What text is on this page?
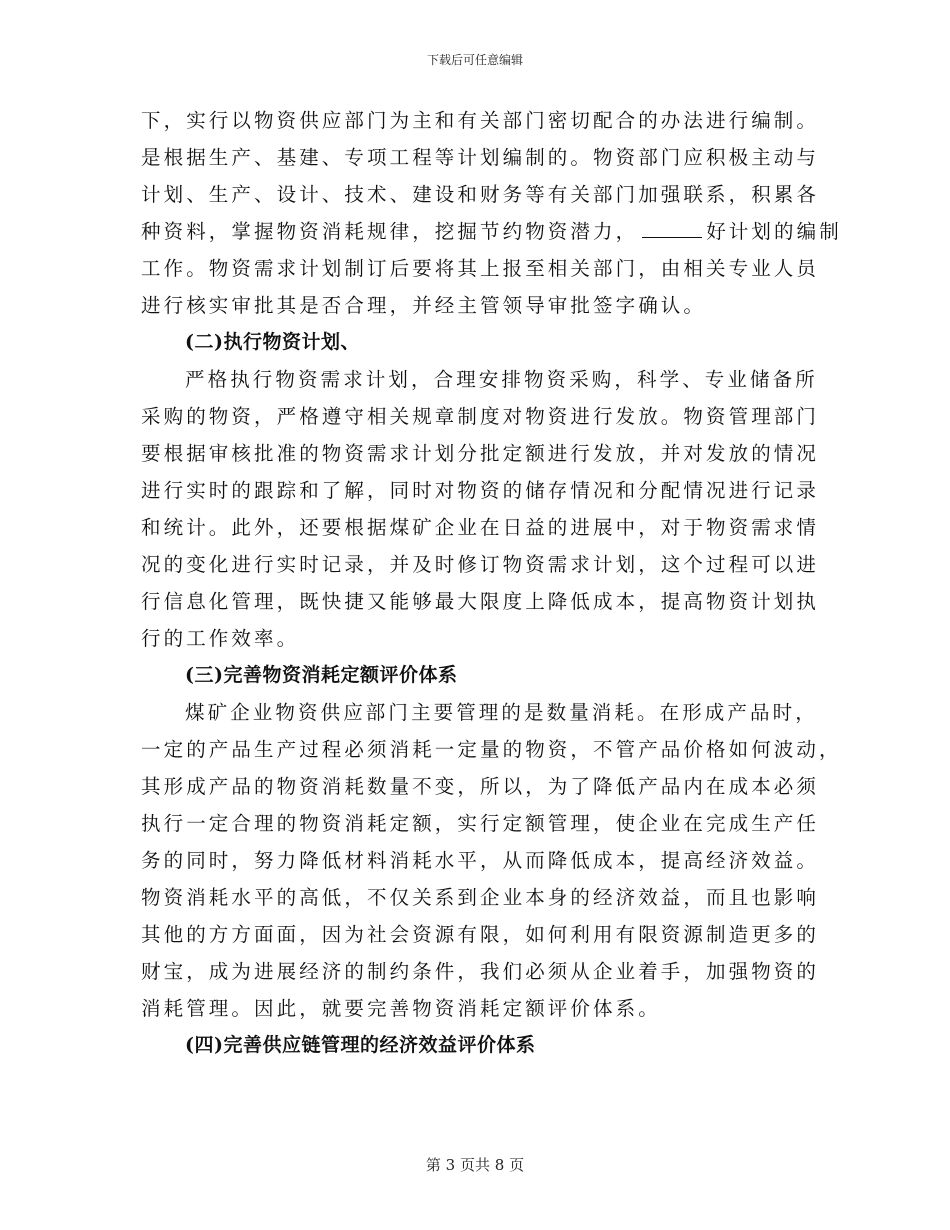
下载后可任意编辑
下，实行以物资供应部门为主和有关部门密切配合的办法进行编制。
是根据生产、基建、专项工程等计划编制的。物资部门应积极主动与
计划、生产、设计、技术、建设和财务等有关部门加强联系，积累各
种资料，掌握物资消耗规律，挖掘节约物资潜力，	好计划的编制
工作。物资需求计划制订后要将其上报至相关部门，由相关专业人员
进行核实审批其是否合理，并经主管领导审批签字确认。
(二)执行物资计划、
严格执行物资需求计划，合理安排物资采购，科学、专业储备所
采购的物资，严格遵守相关规章制度对物资进行发放。物资管理部门
要根据审核批准的物资需求计划分批定额进行发放，并对发放的情况
进行实时的跟踪和了解，同时对物资的储存情况和分配情况进行记录
和统计。此外，还要根据煤矿企业在日益的进展中，对于物资需求情
况的变化进行实时记录，并及时修订物资需求计划，这个过程可以进
行信息化管理，既快捷又能够最大限度上降低成本，提高物资计划执
行的工作效率。
(三)完善物资消耗定额评价体系
煤矿企业物资供应部门主要管理的是数量消耗。在形成产品时，
一定的产品生产过程必须消耗一定量的物资，不管产品价格如何波动，
其形成产品的物资消耗数量不变，所以，为了降低产品内在成本必须
执行一定合理的物资消耗定额，实行定额管理，使企业在完成生产任
务的同时，努力降低材料消耗水平，从而降低成本，提高经济效益。
物资消耗水平的高低，不仅关系到企业本身的经济效益，而且也影响
其他的方方面面，因为社会资源有限，如何利用有限资源制造更多的
财宝，成为进展经济的制约条件，我们必须从企业着手，加强物资的
消耗管理。因此，就要完善物资消耗定额评价体系。
(四)完善供应链管理的经济效益评价体系
第 3 页共 8 页
